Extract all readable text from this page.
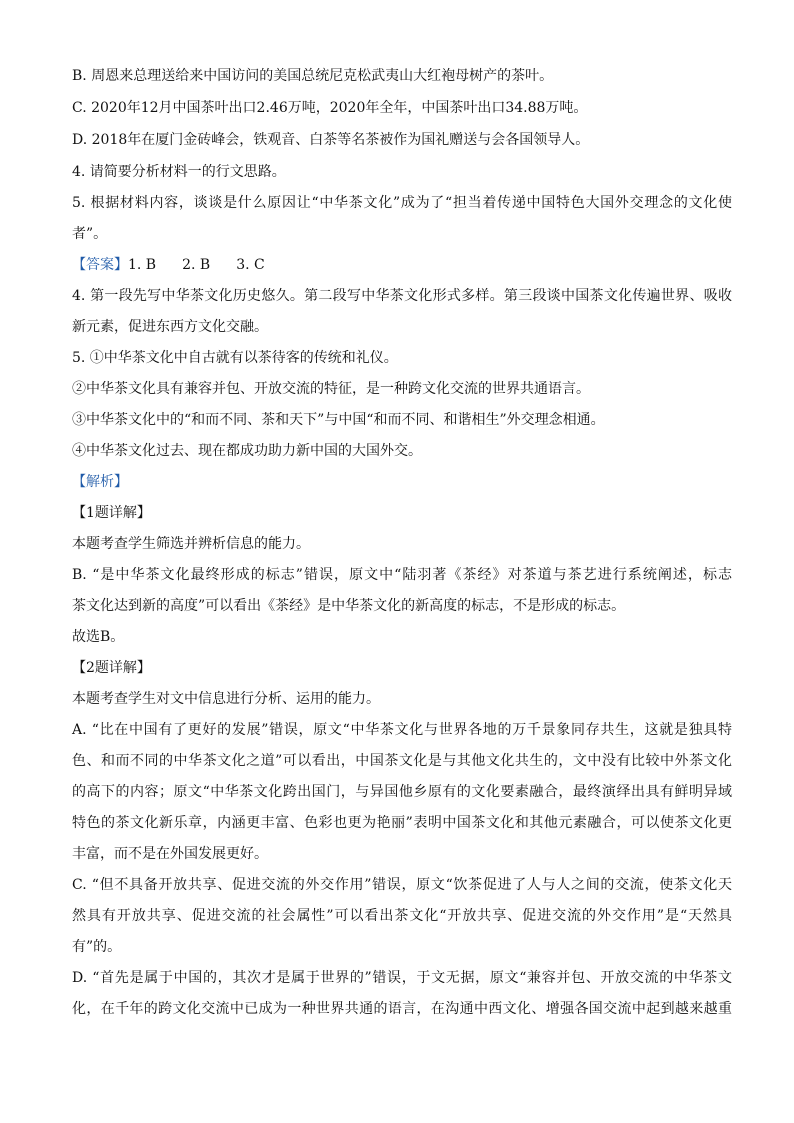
B. 周恩来总理送给来中国访问的美国总统尼克松武夷山大红袍母树产的茶叶。
C. 2020年12月中国茶叶出口2.46万吨，2020年全年，中国茶叶出口34.88万吨。
D. 2018年在厦门金砖峰会，铁观音、白茶等名茶被作为国礼赠送与会各国领导人。
4. 请简要分析材料一的行文思路。
5. 根据材料内容，谈谈是什么原因让“中华茶文化”成为了“担当着传递中国特色大国外交理念的文化使
者”。
【答案】1. B 2. B 3. C
4. 第一段先写中华茶文化历史悠久。第二段写中华茶文化形式多样。第三段谈中国茶文化传遍世界、吸收
新元素，促进东西方文化交融。
5. ①中华茶文化中自古就有以茶待客的传统和礼仪。
②中华茶文化具有兼容并包、开放交流的特征，是一种跨文化交流的世界共通语言。
③中华茶文化中的“和而不同、茶和天下”与中国“和而不同、和谐相生”外交理念相通。
④中华茶文化过去、现在都成功助力新中国的大国外交。
【解析】
【1题详解】
本题考查学生筛选并辨析信息的能力。
B. “是中华茶文化最终形成的标志”错误，原文中“陆羽著《茶经》对茶道与茶艺进行系统阐述，标志
茶文化达到新的高度”可以看出《茶经》是中华茶文化的新高度的标志，不是形成的标志。
故选B。
【2题详解】
本题考查学生对文中信息进行分析、运用的能力。
A. “比在中国有了更好的发展”错误，原文“中华茶文化与世界各地的万千景象同存共生，这就是独具特
色、和而不同的中华茶文化之道”可以看出，中国茶文化是与其他文化共生的，文中没有比较中外茶文化
的高下的内容；原文“中华茶文化跨出国门，与异国他乡原有的文化要素融合，最终演绎出具有鲜明异域
特色的茶文化新乐章，内涵更丰富、色彩也更为艳丽”表明中国茶文化和其他元素融合，可以使茶文化更
丰富，而不是在外国发展更好。
C. “但不具备开放共享、促进交流的外交作用”错误，原文“饮茶促进了人与人之间的交流，使茶文化天
然具有开放共享、促进交流的社会属性”可以看出茶文化“开放共享、促进交流的外交作用”是“天然具
有”的。
D. “首先是属于中国的，其次才是属于世界的”错误，于文无据，原文“兼容并包、开放交流的中华茶文
化，在千年的跨文化交流中已成为一种世界共通的语言，在沟通中西文化、增强各国交流中起到越来越重
